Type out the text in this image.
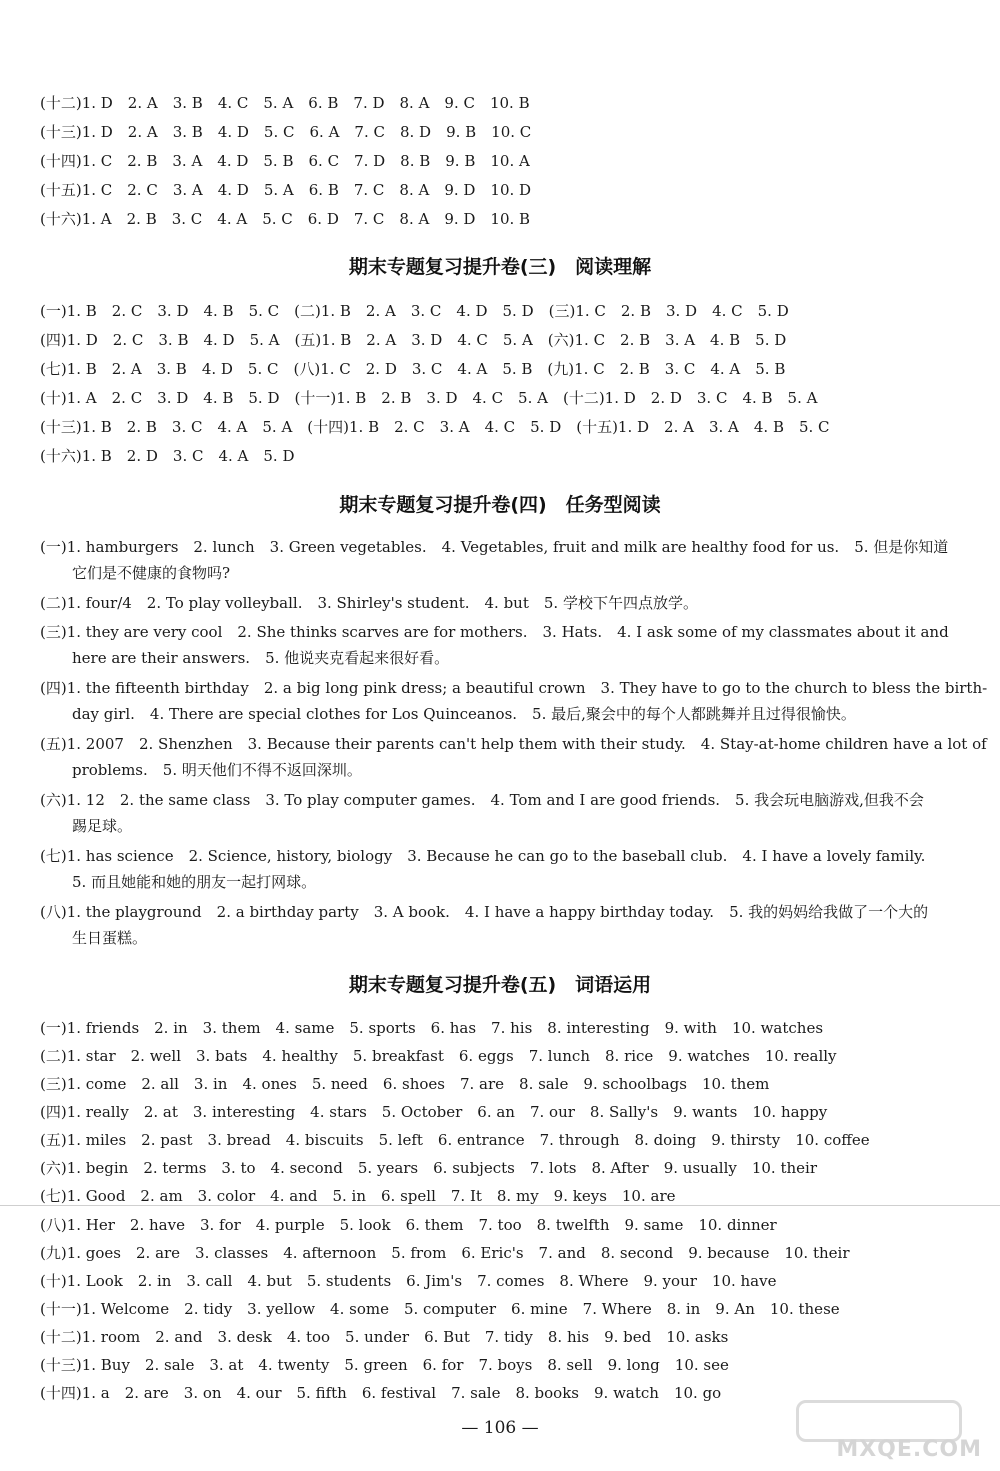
(十二)1. D　2. A　3. B　4. C　5. A　6. B　7. D　8. A　9. C　10. B
(十三)1. D　2. A　3. B　4. D　5. C　6. A　7. C　8. D　9. B　10. C
(十四)1. C　2. B　3. A　4. D　5. B　6. C　7. D　8. B　9. B　10. A
(十五)1. C　2. C　3. A　4. D　5. A　6. B　7. C　8. A　9. D　10. D
(十六)1. A　2. B　3. C　4. A　5. C　6. D　7. C　8. A　9. D　10. B
期末专题复习提升卷(三)　阅读理解
(一)1. B　2. C　3. D　4. B　5. C　(二)1. B　2. A　3. C　4. D　5. D　(三)1. C　2. B　3. D　4. C　5. D
(四)1. D　2. C　3. B　4. D　5. A　(五)1. B　2. A　3. D　4. C　5. A　(六)1. C　2. B　3. A　4. B　5. D
(七)1. B　2. A　3. B　4. D　5. C　(八)1. C　2. D　3. C　4. A　5. B　(九)1. C　2. B　3. C　4. A　5. B
(十)1. A　2. C　3. D　4. B　5. D　(十一)1. B　2. B　3. D　4. C　5. A　(十二)1. D　2. D　3. C　4. B　5. A
(十三)1. B　2. B　3. C　4. A　5. A　(十四)1. B　2. C　3. A　4. C　5. D　(十五)1. D　2. A　3. A　4. B　5. C
(十六)1. B　2. D　3. C　4. A　5. D
期末专题复习提升卷(四)　任务型阅读
(一)1. hamburgers　2. lunch　3. Green vegetables.　4. Vegetables, fruit and milk are healthy food for us.　5. 但是你知道
它们是不健康的食物吗?
(二)1. four/4　2. To play volleyball.　3. Shirley's student.　4. but　5. 学校下午四点放学。
(三)1. they are very cool　2. She thinks scarves are for mothers.　3. Hats.　4. I ask some of my classmates about it and
here are their answers.　5. 他说夹克看起来很好看。
(四)1. the fifteenth birthday　2. a big long pink dress; a beautiful crown　3. They have to go to the church to bless the birth-
day girl.　4. There are special clothes for Los Quinceanos.　5. 最后,聚会中的每个人都跳舞并且过得很愉快。
(五)1. 2007　2. Shenzhen　3. Because their parents can't help them with their study.　4. Stay-at-home children have a lot of
problems.　5. 明天他们不得不返回深圳。
(六)1. 12　2. the same class　3. To play computer games.　4. Tom and I are good friends.　5. 我会玩电脑游戏,但我不会
踢足球。
(七)1. has science　2. Science, history, biology　3. Because he can go to the baseball club.　4. I have a lovely family.
5. 而且她能和她的朋友一起打网球。
(八)1. the playground　2. a birthday party　3. A book.　4. I have a happy birthday today.　5. 我的妈妈给我做了一个大的
生日蛋糕。
期末专题复习提升卷(五)　词语运用
(一)1. friends　2. in　3. them　4. same　5. sports　6. has　7. his　8. interesting　9. with　10. watches
(二)1. star　2. well　3. bats　4. healthy　5. breakfast　6. eggs　7. lunch　8. rice　9. watches　10. really
(三)1. come　2. all　3. in　4. ones　5. need　6. shoes　7. are　8. sale　9. schoolbags　10. them
(四)1. really　2. at　3. interesting　4. stars　5. October　6. an　7. our　8. Sally's　9. wants　10. happy
(五)1. miles　2. past　3. bread　4. biscuits　5. left　6. entrance　7. through　8. doing　9. thirsty　10. coffee
(六)1. begin　2. terms　3. to　4. second　5. years　6. subjects　7. lots　8. After　9. usually　10. their
(七)1. Good　2. am　3. color　4. and　5. in　6. spell　7. It　8. my　9. keys　10. are
(八)1. Her　2. have　3. for　4. purple　5. look　6. them　7. too　8. twelfth　9. same　10. dinner
(九)1. goes　2. are　3. classes　4. afternoon　5. from　6. Eric's　7. and　8. second　9. because　10. their
(十)1. Look　2. in　3. call　4. but　5. students　6. Jim's　7. comes　8. Where　9. your　10. have
(十一)1. Welcome　2. tidy　3. yellow　4. some　5. computer　6. mine　7. Where　8. in　9. An　10. these
(十二)1. room　2. and　3. desk　4. too　5. under　6. But　7. tidy　8. his　9. bed　10. asks
(十三)1. Buy　2. sale　3. at　4. twenty　5. green　6. for　7. boys　8. sell　9. long　10. see
(十四)1. a　2. are　3. on　4. our　5. fifth　6. festival　7. sale　8. books　9. watch　10. go
— 106 —
MXQE.COM
